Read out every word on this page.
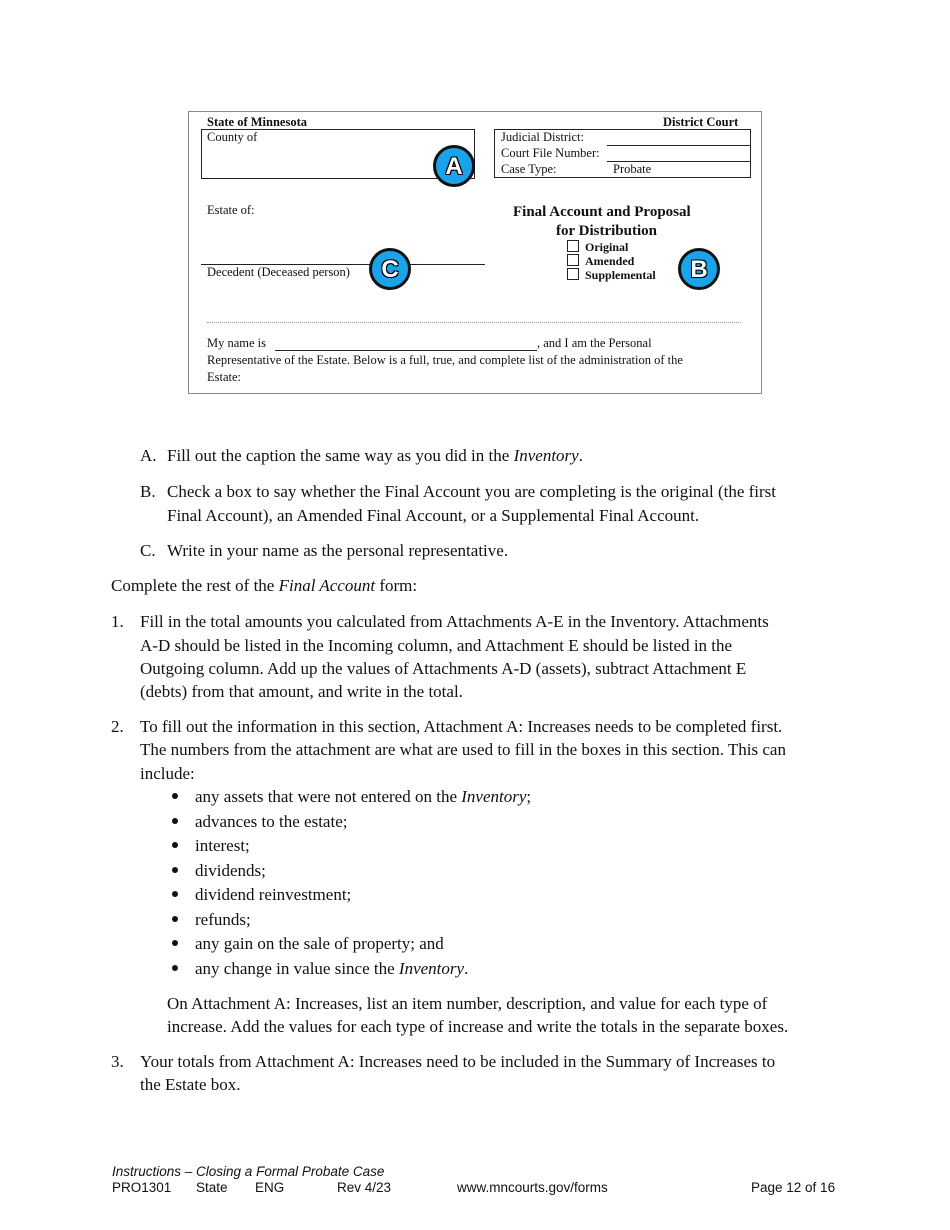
State of Minnesota	District Court
County of
A
Judicial District:
Court File Number:
Case Type:	Probate
Estate of:	Final Account and Proposal
for Distribution
Decedent (Deceased person)	C
Original
Amended
Supplemental	B
My name is	, and I am the Personal
Representative of the Estate. Below is a full, true, and complete list of the administration of the
Estate:
A. Fill out the caption the same way as you did in the Inventory.
B. Check a box to say whether the Final Account you are completing is the original (the first
Final Account), an Amended Final Account, or a Supplemental Final Account.
C. Write in your name as the personal representative.
Complete the rest of the Final Account form:
1. Fill in the total amounts you calculated from Attachments A-E in the Inventory. Attachments
A-D should be listed in the Incoming column, and Attachment E should be listed in the
Outgoing column. Add up the values of Attachments A-D (assets), subtract Attachment E
(debts) from that amount, and write in the total.
2. To fill out the information in this section, Attachment A: Increases needs to be completed first.
The numbers from the attachment are what are used to fill in the boxes in this section. This can
include:
any assets that were not entered on the Inventory;
advances to the estate;
interest;
dividends;
dividend reinvestment;
refunds;
any gain on the sale of property; and
any change in value since the Inventory.
On Attachment A: Increases, list an item number, description, and value for each type of
increase. Add the values for each type of increase and write the totals in the separate boxes.
3. Your totals from Attachment A: Increases need to be included in the Summary of Increases to
the Estate box.
Instructions – Closing a Formal Probate Case
PRO1301 State ENG	Rev 4/23	www.mncourts.gov/forms	Page 12 of 16
